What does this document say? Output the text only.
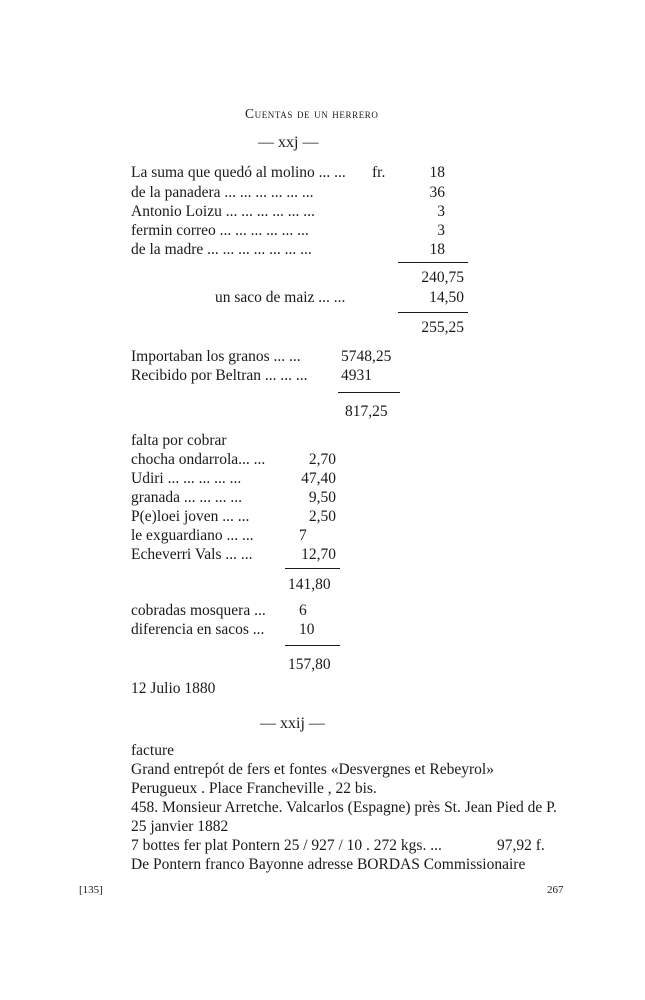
Cuentas de un herrero
— xxj —
La suma que quedó al molino ... ... fr.	18
de la panadera ... ... ... ... ... ...	36
Antonio Loizu ... ... ... ... ... ...	3
fermin correo ... ... ... ... ... ...	3
de la madre ... ... ... ... ... ... ...	18
240,75
un saco de maiz ... ...	14,50
255,25
Importaban los granos ... ...	5748,25
Recibido por Beltran ... ... ... 4931
817,25
falta por cobrar
chocha ondarrola... ...	2,70
Udiri ... ... ... ... ...	47,40
granada ... ... ... ...	9,50
P(e)loei joven ... ...	2,50
le exguardiano ... ...	7
Echeverri Vals ... ...	12,70
141,80
cobradas mosquera ... 6
diferencia en sacos ... 10
157,80
12 Julio 1880
— xxij —
facture
Grand entrepót de fers et fontes «Desvergnes et Rebeyrol»
Perugueux . Place Francheville , 22 bis.
458. Monsieur Arretche. Valcarlos (Espagne) près St. Jean Pied de P.
25 janvier 1882
7 bottes fer plat Pontern 25 / 927 / 10 . 272 kgs. ...	97,92 f.
De Pontern franco Bayonne adresse BORDAS Commissionaire
[135]	267
